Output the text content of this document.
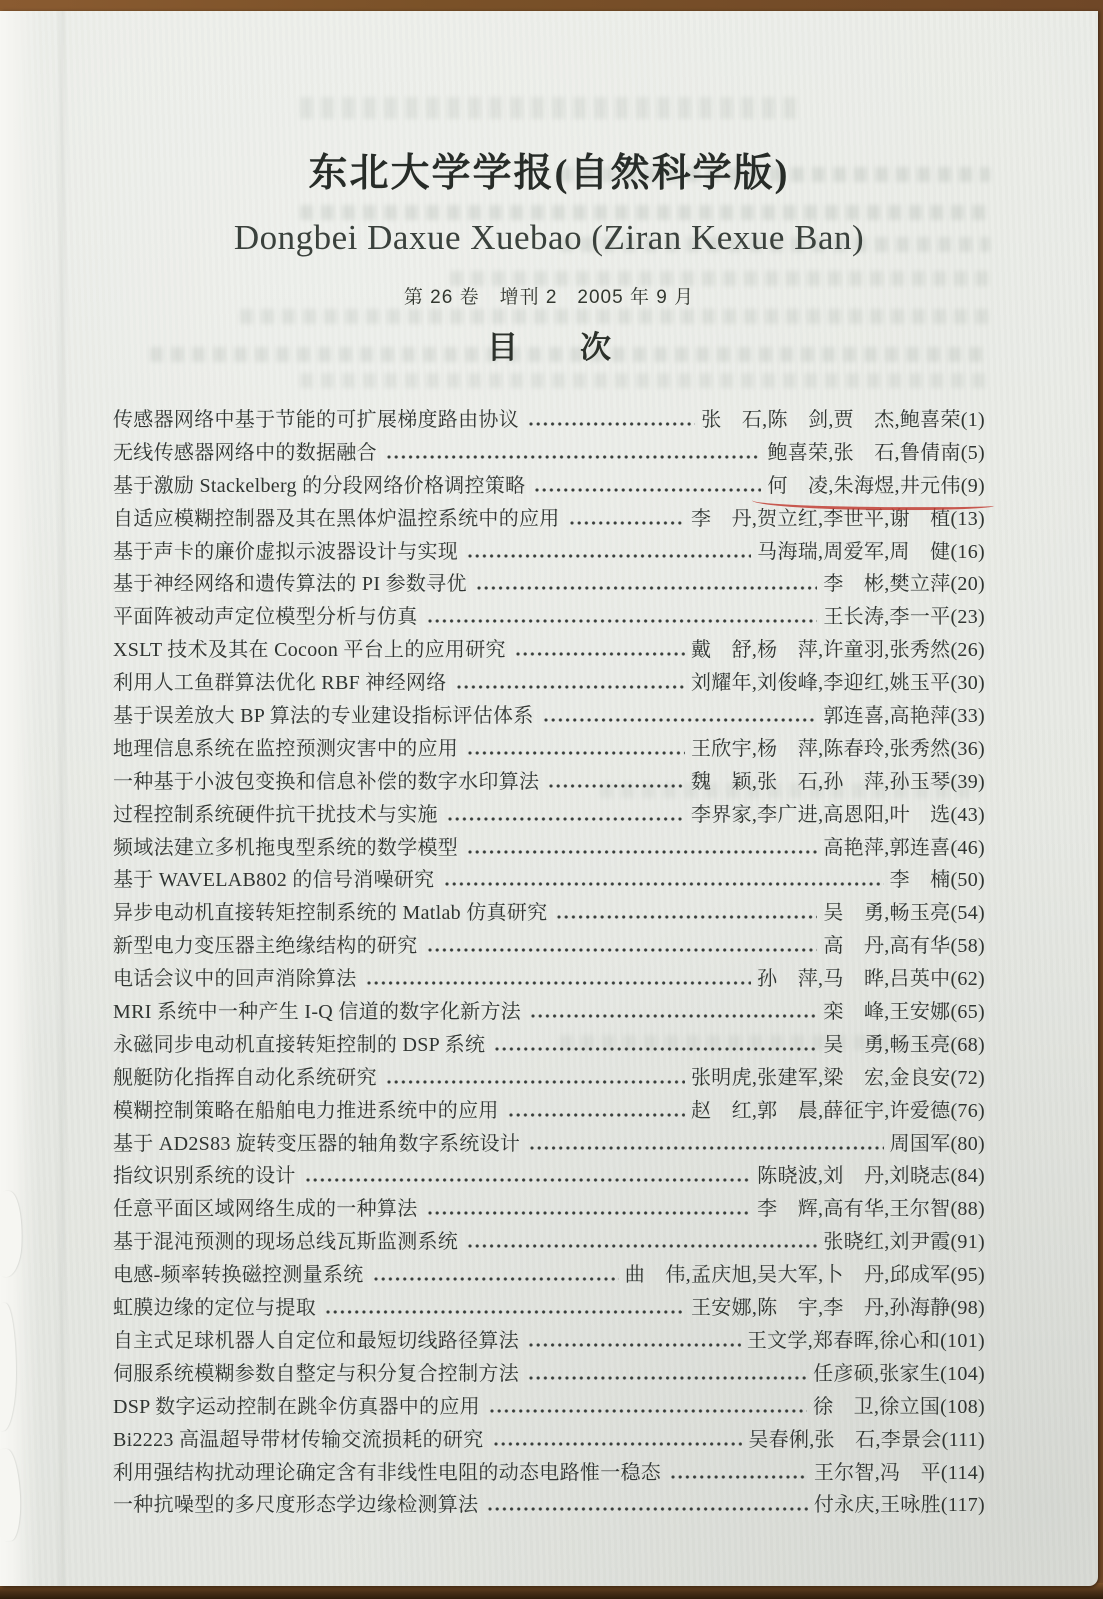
东北大学学报(自然科学版)
Dongbei Daxue Xuebao (Ziran Kexue Ban)
第 26 卷　增刊 2　2005 年 9 月
目　　次
传感器网络中基于节能的可扩展梯度路由协议	张　石,陈　剑,贾　杰,鲍喜荣(1)
无线传感器网络中的数据融合	鲍喜荣,张　石,鲁倩南(5)
基于激励 Stackelberg 的分段网络价格调控策略	何　凌,朱海煜,井元伟(9)
自适应模糊控制器及其在黑体炉温控系统中的应用	李　丹,贺立红,李世平,谢　植(13)
基于声卡的廉价虚拟示波器设计与实现	马海瑞,周爱军,周　健(16)
基于神经网络和遗传算法的 PI 参数寻优	李　彬,樊立萍(20)
平面阵被动声定位模型分析与仿真	王长涛,李一平(23)
XSLT 技术及其在 Cocoon 平台上的应用研究	戴　舒,杨　萍,许童羽,张秀然(26)
利用人工鱼群算法优化 RBF 神经网络	刘耀年,刘俊峰,李迎红,姚玉平(30)
基于误差放大 BP 算法的专业建设指标评估体系	郭连喜,高艳萍(33)
地理信息系统在监控预测灾害中的应用	王欣宇,杨　萍,陈春玲,张秀然(36)
一种基于小波包变换和信息补偿的数字水印算法	魏　颖,张　石,孙　萍,孙玉琴(39)
过程控制系统硬件抗干扰技术与实施	李界家,李广进,高恩阳,叶　选(43)
频域法建立多机拖曳型系统的数学模型	高艳萍,郭连喜(46)
基于 WAVELAB802 的信号消噪研究	李　楠(50)
异步电动机直接转矩控制系统的 Matlab 仿真研究	吴　勇,畅玉亮(54)
新型电力变压器主绝缘结构的研究	高　丹,高有华(58)
电话会议中的回声消除算法	孙　萍,马　晔,吕英中(62)
MRI 系统中一种产生 I-Q 信道的数字化新方法	栾　峰,王安娜(65)
永磁同步电动机直接转矩控制的 DSP 系统	吴　勇,畅玉亮(68)
舰艇防化指挥自动化系统研究	张明虎,张建军,梁　宏,金良安(72)
模糊控制策略在船舶电力推进系统中的应用	赵　红,郭　晨,薛征宇,许爱德(76)
基于 AD2S83 旋转变压器的轴角数字系统设计	周国军(80)
指纹识别系统的设计	陈晓波,刘　丹,刘晓志(84)
任意平面区域网络生成的一种算法	李　辉,高有华,王尔智(88)
基于混沌预测的现场总线瓦斯监测系统	张晓红,刘尹霞(91)
电感-频率转换磁控测量系统	曲　伟,孟庆旭,吴大军,卜　丹,邱成军(95)
虹膜边缘的定位与提取	王安娜,陈　宇,李　丹,孙海静(98)
自主式足球机器人自定位和最短切线路径算法	王文学,郑春晖,徐心和(101)
伺服系统模糊参数自整定与积分复合控制方法	任彦硕,张家生(104)
DSP 数字运动控制在跳伞仿真器中的应用	徐　卫,徐立国(108)
Bi2223 高温超导带材传输交流损耗的研究	吴春俐,张　石,李景会(111)
利用强结构扰动理论确定含有非线性电阻的动态电路惟一稳态	王尔智,冯　平(114)
一种抗噪型的多尺度形态学边缘检测算法	付永庆,王咏胜(117)
